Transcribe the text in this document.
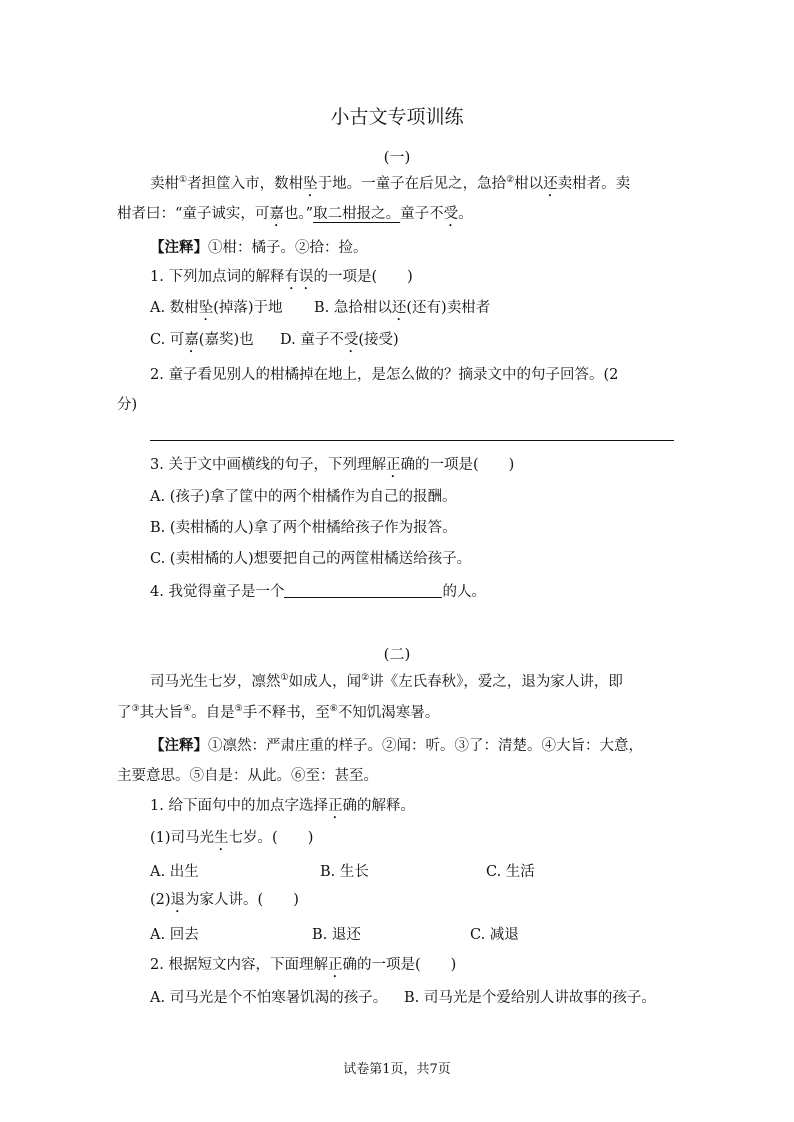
小古文专项训练
(一)
卖柑①者担筐入市，数柑坠于地。一童子在后见之，急拾②柑以还卖柑者。卖
柑者曰：“童子诚实，可嘉也。”取二柑报之。童子不受。
【注释】①柑：橘子。②拾：捡。
1. 下列加点词的解释有误的一项是( )
A. 数柑坠(掉落)于地 B. 急拾柑以还(还有)卖柑者
C. 可嘉(嘉奖)也 D. 童子不受(接受)
2. 童子看见别人的柑橘掉在地上，是怎么做的？摘录文中的句子回答。(2
分)
3. 关于文中画横线的句子，下列理解正确的一项是( )
A. (孩子)拿了筐中的两个柑橘作为自己的报酬。
B. (卖柑橘的人)拿了两个柑橘给孩子作为报答。
C. (卖柑橘的人)想要把自己的两筐柑橘送给孩子。
4. 我觉得童子是一个	的人。
(二)
司马光生七岁，凛然①如成人，闻②讲《左氏春秋》，爱之，退为家人讲，即
了③其大旨④。自是⑤手不释书，至⑥不知饥渴寒暑。
【注释】①凛然：严肃庄重的样子。②闻：听。③了：清楚。④大旨：大意，
主要意思。⑤自是：从此。⑥至：甚至。
1. 给下面句中的加点字选择正确的解释。
(1)司马光生七岁。( )
A. 出生	B. 生长	C. 生活
(2)退为家人讲。( )
A. 回去	B. 退还	C. 减退
2. 根据短文内容，下面理解正确的一项是( )
A. 司马光是个不怕寒暑饥渴的孩子。 B. 司马光是个爱给别人讲故事的孩子。
试卷第1页，共7页
